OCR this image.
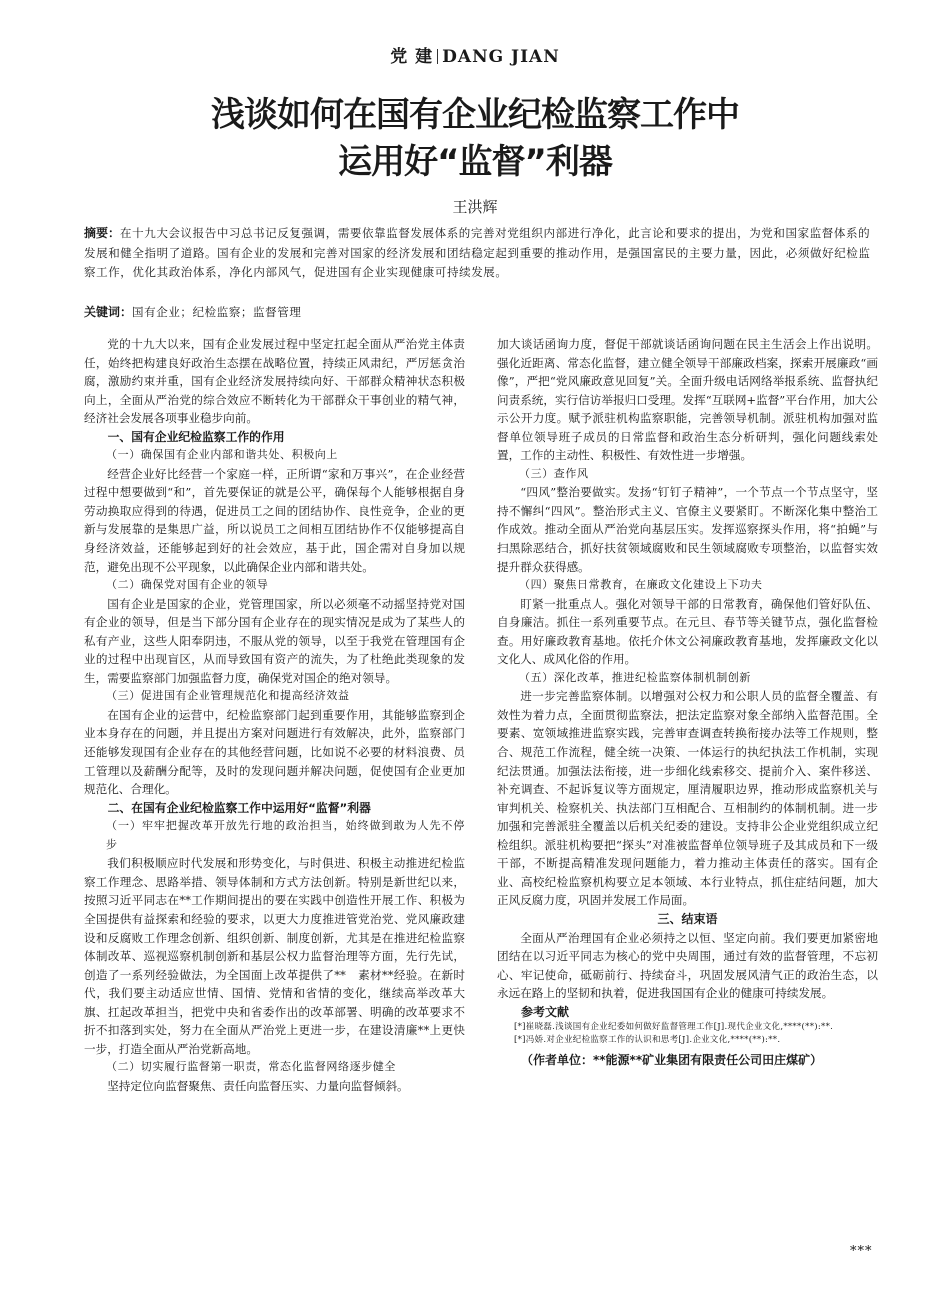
党 建 DANG JIAN
浅谈如何在国有企业纪检监察工作中
运用好“监督”利器
王洪辉
摘要：在十九大会议报告中习总书记反复强调，需要依靠监督发展体系的完善对党组织内部进行净化，此言论和要求的提出，为党和国家监督体系的发展和健全指明了道路。国有企业的发展和完善对国家的经济发展和团结稳定起到重要的推动作用，是强国富民的主要力量，因此，必须做好纪检监察工作，优化其政治体系，净化内部风气，促进国有企业实现健康可持续发展。
关键词：国有企业；纪检监察；监督管理

党的十九大以来，国有企业发展过程中坚定扛起全面从严治党主体责任，始终把构建良好政治生态摆在战略位置，持续正风肃纪，严厉惩贪治腐，激励约束并重，国有企业经济发展持续向好、干部群众精神状态积极向上，全面从严治党的综合效应不断转化为干部群众干事创业的精气神，经济社会发展各项事业稳步向前。

一、国有企业纪检监察工作的作用
（一）确保国有企业内部和谐共处、积极向上

经营企业好比经营一个家庭一样，正所谓“家和万事兴”，在企业经营过程中想要做到“和”，首先要保证的就是公平，确保每个人能够根据自身劳动换取应得到的待遇，促进员工之间的团结协作、良性竞争，企业的更新与发展靠的是集思广益，所以说员工之间相互团结协作不仅能够提高自身经济效益，还能够起到好的社会效应，基于此，国企需对自身加以规范，避免出现不公平现象，以此确保企业内部和谐共处。

（二）确保党对国有企业的领导

国有企业是国家的企业，党管理国家，所以必须毫不动摇坚持党对国有企业的领导，但是当下部分国有企业存在的现实情况是成为了某些人的私有产业，这些人阳奉阴违，不服从党的领导，以至于我党在管理国有企业的过程中出现盲区，从而导致国有资产的流失，为了杜绝此类现象的发生，需要监察部门加强监督力度，确保党对国企的绝对领导。

（三）促进国有企业管理规范化和提高经济效益

在国有企业的运营中，纪检监察部门起到重要作用，其能够监察到企业本身存在的问题，并且提出方案对问题进行有效解决，此外，监察部门还能够发现国有企业存在的其他经营问题，比如说不必要的材料浪费、员工管理以及薪酬分配等，及时的发现问题并解决问题，促使国有企业更加规范化、合理化。

二、在国有企业纪检监察工作中运用好“监督”利器
（一）牢牢把握改革开放先行地的政治担当，始终做到敢为人先不停步

我们积极顺应时代发展和形势变化，与时俱进、积极主动推进纪检监察工作理念、思路举措、领导体制和方式方法创新。特别是新世纪以来，按照习近平同志在**工作期间提出的要在实践中创造性开展工作、积极为全国提供有益探索和经验的要求，以更大力度推进管党治党、党风廉政建设和反腐败工作理念创新、组织创新、制度创新，尤其是在推进纪检监察体制改革、巡视巡察机制创新和基层公权力监督治理等方面，先行先试，创造了一系列经验做法，为全国面上改革提供了**　素材**经验。在新时代，我们要主动适应世情、国情、党情和省情的变化，继续高举改革大旗、扛起改革担当，把党中央和省委作出的改革部署、明确的改革要求不折不扣落到实处，努力在全面从严治党上更进一步，在建设清廉**上更快一步，打造全面从严治党新高地。

（二）切实履行监督第一职责，常态化监督网络逐步健全

坚持定位向监督聚焦、责任向监督压实、力量向监督倾斜。

加大谈话函询力度，督促干部就谈话函询问题在民主生活会上作出说明。强化近距离、常态化监督，建立健全领导干部廉政档案，探索开展廉政“画像”，严把“党风廉政意见回复”关。全面升级电话网络举报系统、监督执纪问责系统，实行信访举报归口受理。发挥“互联网+监督”平台作用，加大公示公开力度。赋予派驻机构监察职能，完善领导机制。派驻机构加强对监督单位领导班子成员的日常监督和政治生态分析研判，强化问题线索处置，工作的主动性、积极性、有效性进一步增强。

（三）查作风

“四风”整治要做实。发扬“钉钉子精神”，一个节点一个节点坚守，坚持不懈纠“四风”。整治形式主义、官僚主义要紧盯。不断深化集中整治工作成效。推动全面从严治党向基层压实。发挥巡察探头作用，将“拍蝇”与扫黑除恶结合，抓好扶贫领域腐败和民生领域腐败专项整治，以监督实效提升群众获得感。

（四）聚焦日常教育，在廉政文化建设上下功夫

盯紧一批重点人。强化对领导干部的日常教育，确保他们管好队伍、自身廉洁。抓住一系列重要节点。在元旦、春节等关键节点，强化监督检查。用好廉政教育基地。依托介休文公祠廉政教育基地，发挥廉政文化以文化人、成风化俗的作用。

（五）深化改革，推进纪检监察体制机制创新

进一步完善监察体制。以增强对公权力和公职人员的监督全覆盖、有效性为着力点，全面贯彻监察法，把法定监察对象全部纳入监督范围。全要素、宽领域推进监察实践，完善审查调查转换衔接办法等工作规则，整合、规范工作流程，健全统一决策、一体运行的执纪执法工作机制，实现纪法贯通。加强法法衔接，进一步细化线索移交、提前介入、案件移送、补充调查、不起诉复议等方面规定，厘清履职边界，推动形成监察机关与审判机关、检察机关、执法部门互相配合、互相制约的体制机制。进一步加强和完善派驻全覆盖以后机关纪委的建设。支持非公企业党组织成立纪检组织。派驻机构要把“探头”对准被监督单位领导班子及其成员和下一级干部，不断提高精准发现问题能力，着力推动主体责任的落实。国有企业、高校纪检监察机构要立足本领域、本行业特点，抓住症结问题，加大正风反腐力度，巩固并发展工作局面。

三、结束语

全面从严治理国有企业必须持之以恒、坚定向前。我们要更加紧密地团结在以习近平同志为核心的党中央周围，通过有效的监督管理，不忘初心、牢记使命，砥砺前行、持续奋斗，巩固发展风清气正的政治生态，以永远在路上的坚韧和执着，促进我国国有企业的健康可持续发展。

参考文献
[*]崔晓磊.浅谈国有企业纪委如何做好监督管理工作[J].现代企业文化,****(**):**.
[*]冯娇.对企业纪检监察工作的认识和思考[J].企业文化,****(**):**.
（作者单位：**能源**矿业集团有限责任公司田庄煤矿）
***
